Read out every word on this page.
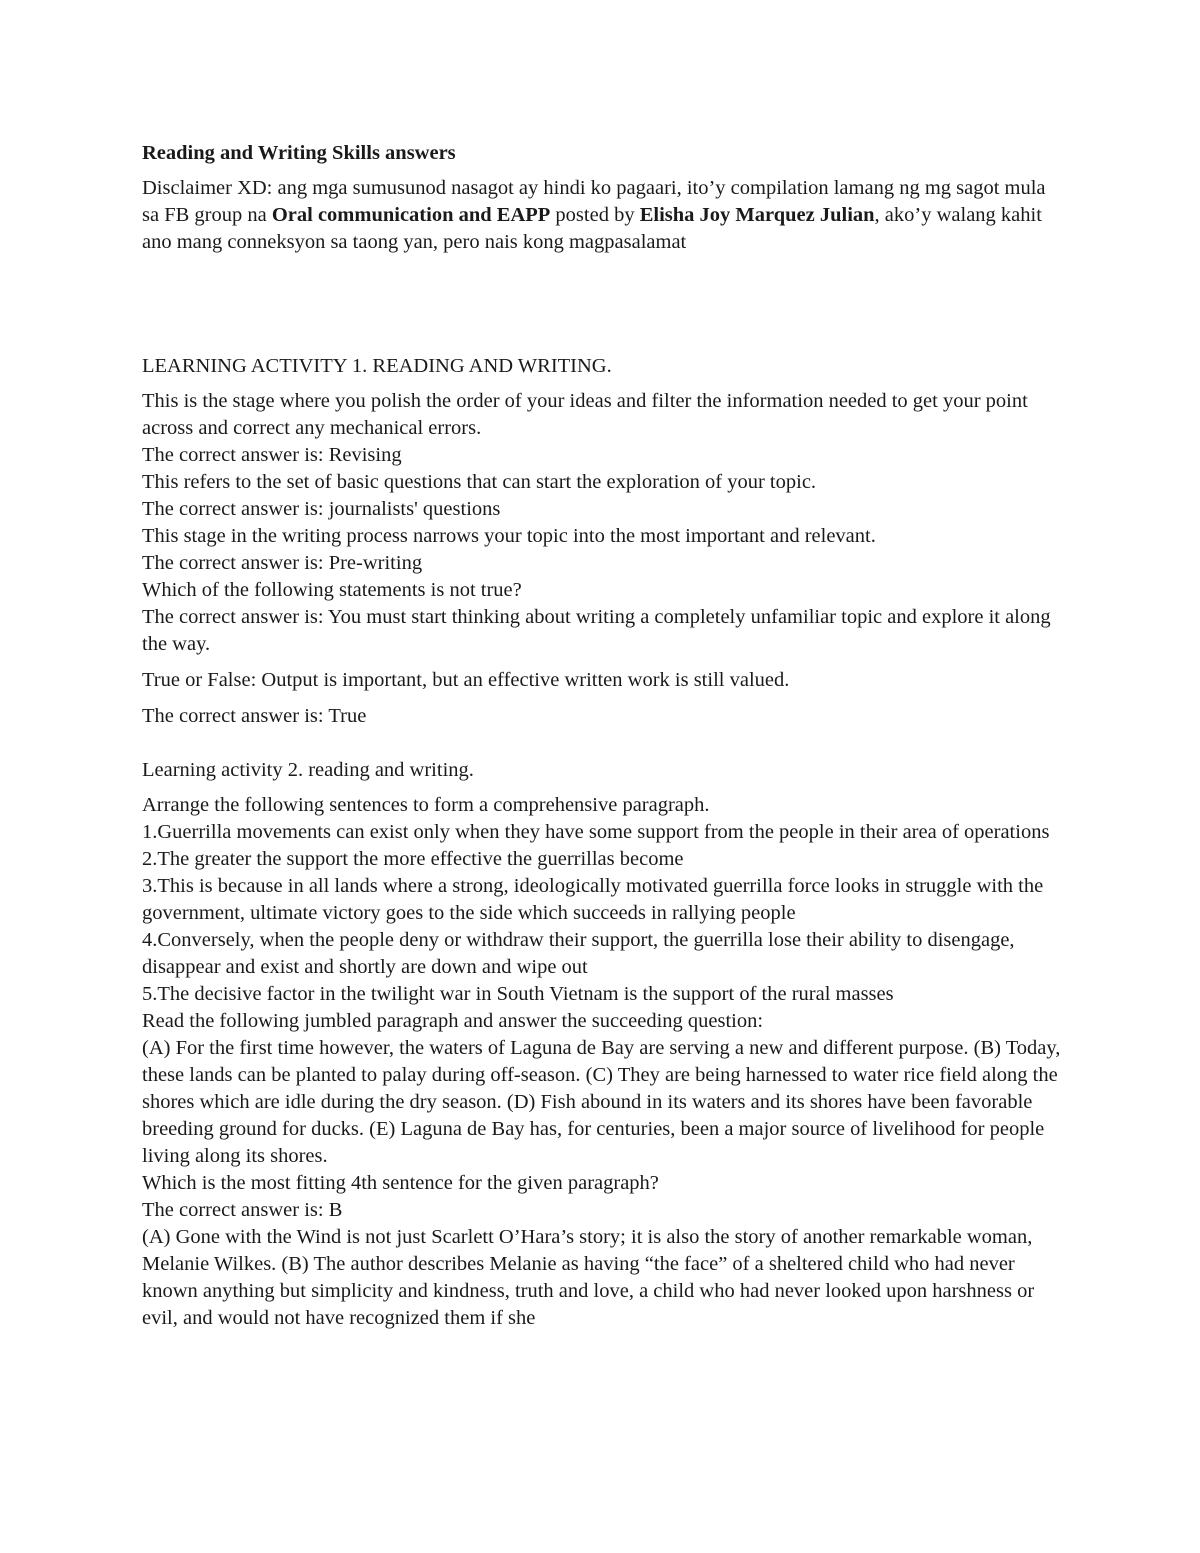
Reading and Writing Skills answers
Disclaimer XD: ang mga sumusunod nasagot ay hindi ko pagaari, ito’y compilation lamang ng mg sagot mula sa FB group na Oral communication and EAPP posted by Elisha Joy Marquez Julian, ako’y walang kahit ano mang conneksyon sa taong yan, pero nais kong magpasalamat
LEARNING ACTIVITY 1. READING AND WRITING.
This is the stage where you polish the order of your ideas and filter the information needed to get your point across and correct any mechanical errors.
The correct answer is: Revising
This refers to the set of basic questions that can start the exploration of your topic.
The correct answer is: journalists' questions
This stage in the writing process narrows your topic into the most important and relevant.
The correct answer is: Pre-writing
Which of the following statements is not true?
The correct answer is: You must start thinking about writing a completely unfamiliar topic and explore it along the way.
True or False: Output is important, but an effective written work is still valued.
The correct answer is: True
Learning activity 2. reading and writing.
Arrange the following sentences to form a comprehensive paragraph.
1.Guerrilla movements can exist only when they have some support from the people in their area of operations
2.The greater the support the more effective the guerrillas become
3.This is because in all lands where a strong, ideologically motivated guerrilla force looks in struggle with the government, ultimate victory goes to the side which succeeds in rallying people
4.Conversely, when the people deny or withdraw their support, the guerrilla lose their ability to disengage, disappear and exist and shortly are down and wipe out
5.The decisive factor in the twilight war in South Vietnam is the support of the rural masses
Read the following jumbled paragraph and answer the succeeding question:
(A) For the first time however, the waters of Laguna de Bay are serving a new and different purpose. (B) Today, these lands can be planted to palay during off-season. (C) They are being harnessed to water rice field along the shores which are idle during the dry season. (D) Fish abound in its waters and its shores have been favorable breeding ground for ducks. (E) Laguna de Bay has, for centuries, been a major source of livelihood for people living along its shores.
Which is the most fitting 4th sentence for the given paragraph?
The correct answer is: B
(A) Gone with the Wind is not just Scarlett O’Hara’s story; it is also the story of another remarkable woman, Melanie Wilkes. (B) The author describes Melanie as having “the face” of a sheltered child who had never known anything but simplicity and kindness, truth and love, a child who had never looked upon harshness or evil, and would not have recognized them if she
